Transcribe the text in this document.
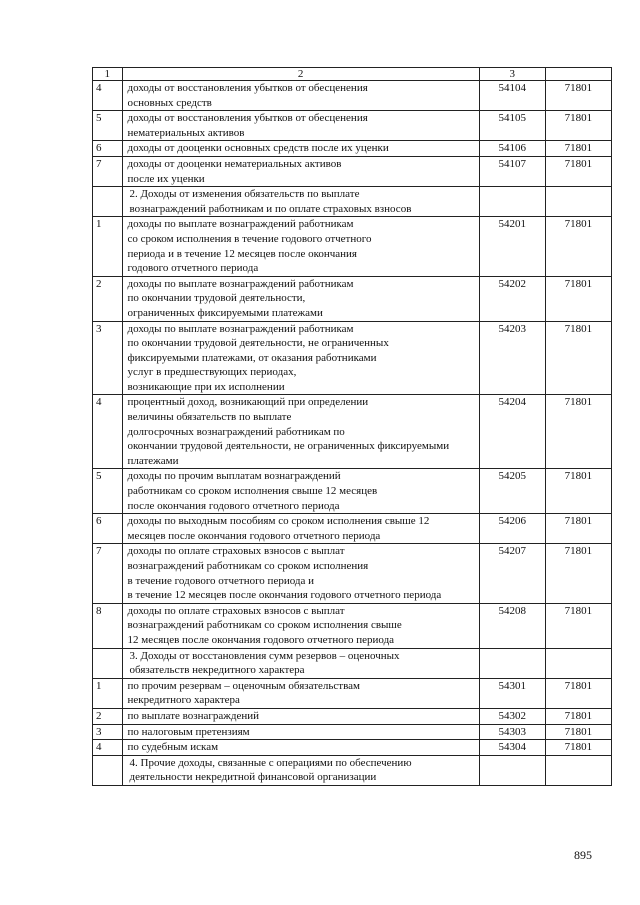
1	2	3	
4	доходы от восстановления убытков от обесценения
основных средств	54104	71801
5	доходы от восстановления убытков от обесценения
нематериальных активов	54105	71801
6	доходы от дооценки основных средств после их уценки	54106	71801
7	доходы от дооценки нематериальных активов
после их уценки	54107	71801

	2. Доходы от изменения обязательств по выплате
вознаграждений работникам и по оплате страховых взносов		

1	доходы по выплате вознаграждений работникам
со сроком исполнения в течение годового отчетного
периода и в течение 12 месяцев после окончания
годового отчетного периода	54201	71801
2	доходы по выплате вознаграждений работникам
по окончании трудовой деятельности,
ограниченных фиксируемыми платежами	54202	71801
3	доходы по выплате вознаграждений работникам
по окончании трудовой деятельности, не ограниченных
фиксируемыми платежами, от оказания работниками
услуг в предшествующих периодах,
возникающие при их исполнении	54203	71801
4	процентный доход, возникающий при определении
величины обязательств по выплате
долгосрочных вознаграждений работникам по
окончании трудовой деятельности, не ограниченных фиксируемыми платежами	54204	71801
5	доходы по прочим выплатам вознаграждений
работникам со сроком исполнения свыше 12 месяцев
после окончания годового отчетного периода	54205	71801
6	доходы по выходным пособиям со сроком исполнения свыше 12
месяцев после окончания годового отчетного периода	54206	71801
7	доходы по оплате страховых взносов с выплат
вознаграждений работникам со сроком исполнения
в течение годового отчетного периода и
в течение 12 месяцев после окончания годового отчетного периода	54207	71801
8	доходы по оплате страховых взносов с выплат
вознаграждений работникам со сроком исполнения свыше
12 месяцев после окончания годового отчетного периода	54208	71801

	3. Доходы от восстановления сумм резервов – оценочных
обязательств некредитного характера		

1	по прочим резервам – оценочным обязательствам
некредитного характера	54301	71801
2	по выплате вознаграждений	54302	71801
3	по налоговым претензиям	54303	71801
4	по судебным искам	54304	71801

	4. Прочие доходы, связанные с операциями по обеспечению
деятельности некредитной финансовой организации		

895
